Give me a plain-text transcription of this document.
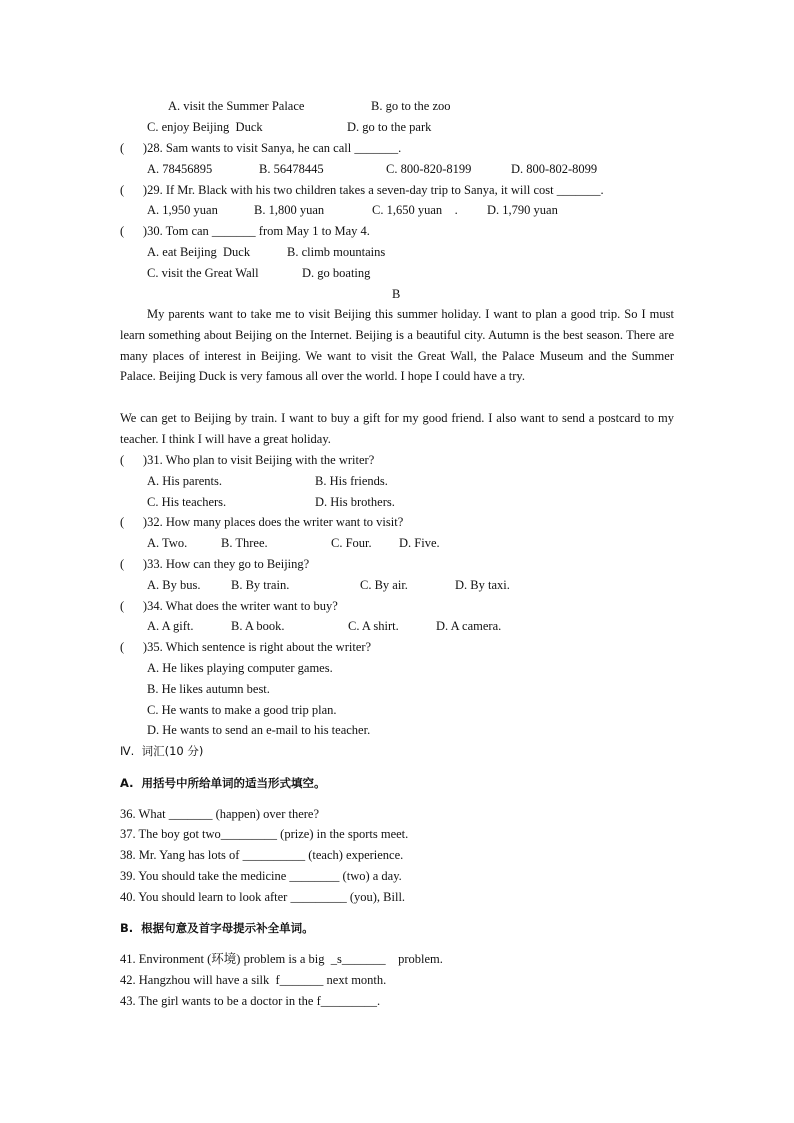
A. visit the Summer Palace	B. go to the zoo
C. enjoy Beijing  Duck	D. go to the park
(      )28. Sam wants to visit Sanya, he can call _______.
A. 78456895	B. 56478445	C. 800-820-8199	D. 800-802-8099
(      )29. If Mr. Black with his two children takes a seven-day trip to Sanya, it will cost _______.
A. 1,950 yuan	B. 1,800 yuan	C. 1,650 yuan    . D. 1,790 yuan
(      )30. Tom can _______ from May 1 to May 4.
A. eat Beijing  Duck	B. climb mountains
C. visit the Great Wall	D. go boating
B
(      )31. Who plan to visit Beijing with the writer?
A. His parents.	B. His friends.
C. His teachers.	D. His brothers.
(      )32. How many places does the writer want to visit?
A. Two.	B. Three.	C. Four. D. Five.
(      )33. How can they go to Beijing?
A. By bus. B. By train.	C. By air.	D. By taxi.
(      )34. What does the writer want to buy?
A. A gift.	B. A book.	C. A shirt.	D. A camera.
(      )35. Which sentence is right about the writer?
A. He likes playing computer games.
B. He likes autumn best.
C. He wants to make a good trip plan.
D. He wants to send an e-mail to his teacher.
36. What _______ (happen) over there?
37. The boy got two_________ (prize) in the sports meet.
38. Mr. Yang has lots of __________ (teach) experience.
39. You should take the medicine ________ (two) a day.
40. You should learn to look after _________ (you), Bill.
41. Environment (环境) problem is a big  _s_______    problem.
42. Hangzhou will have a silk  f_______ next month.
43. The girl wants to be a doctor in the f_________.
My parents want to take me to visit Beijing this summer holiday. I want to plan a good trip. So I must learn something about Beijing on the Internet. Beijing is a beautiful city. Autumn is the best season. There are many places of interest in Beijing. We want to visit the Great Wall, the Palace Museum and the Summer Palace. Beijing Duck is very famous all over the world. I hope I could have a try.
We can get to Beijing by train. I want to buy a gift for my good friend. I also want to send a postcard to my teacher. I think I will have a great holiday.
Ⅳ.  词汇(10 分)
A.  用括号中所给单词的适当形式填空。
B.  根据句意及首字母提示补全单词。
